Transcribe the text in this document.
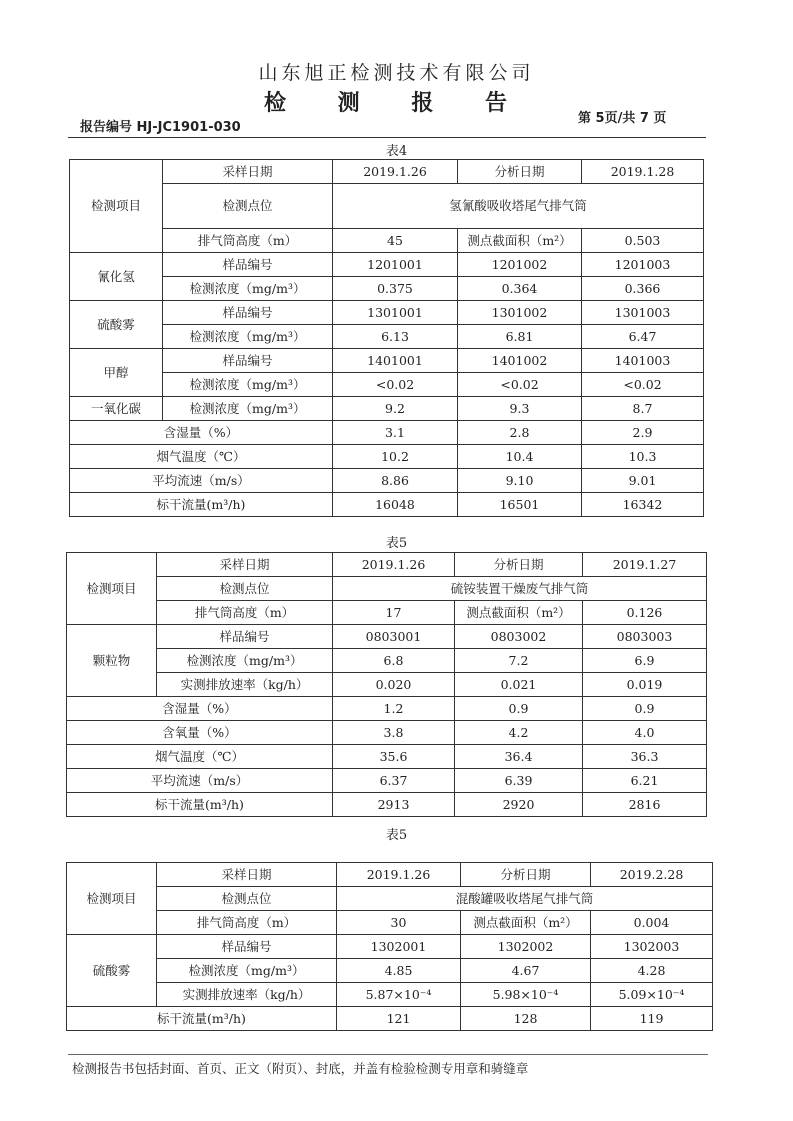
山东旭正检测技术有限公司
检 测 报 告
报告编号 HJ-JC1901-030
第 5页/共 7 页
表4
检测项目	采样日期	2019.1.26	分析日期	2019.1.28
	检测点位	氢氰酸吸收塔尾气排气筒		
	排气筒高度（m）	45	测点截面积（m²）	0.503
氰化氢	样品编号	1201001	1201002	1201003
	检测浓度（mg/m³）	0.375	0.364	0.366
硫酸雾	样品编号	1301001	1301002	1301003
	检测浓度（mg/m³）	6.13	6.81	6.47
甲醇	样品编号	1401001	1401002	1401003
	检测浓度（mg/m³）	<0.02	<0.02	<0.02
一氧化碳	检测浓度（mg/m³）	9.2	9.3	8.7
含湿量（%）		3.1	2.8	2.9
烟气温度（℃）		10.2	10.4	10.3
平均流速（m/s）		8.86	9.10	9.01
标干流量(m³/h)		16048	16501	16342
表5
检测项目	采样日期	2019.1.26	分析日期	2019.1.27
	检测点位	硫铵装置干燥废气排气筒		
	排气筒高度（m）	17	测点截面积（m²）	0.126
颗粒物	样品编号	0803001	0803002	0803003
	检测浓度（mg/m³）	6.8	7.2	6.9
	实测排放速率（kg/h）	0.020	0.021	0.019
含湿量（%）		1.2	0.9	0.9
含氧量（%）		3.8	4.2	4.0
烟气温度（℃）		35.6	36.4	36.3
平均流速（m/s）		6.37	6.39	6.21
标干流量(m³/h)		2913	2920	2816
表5
检测项目	采样日期	2019.1.26	分析日期	2019.2.28
	检测点位	混酸罐吸收塔尾气排气筒		
	排气筒高度（m）	30	测点截面积（m²）	0.004
硫酸雾	样品编号	1302001	1302002	1302003
	检测浓度（mg/m³）	4.85	4.67	4.28
	实测排放速率（kg/h）	5.87×10⁻⁴	5.98×10⁻⁴	5.09×10⁻⁴
标干流量(m³/h)		121	128	119
检测报告书包括封面、首页、正文（附页）、封底，并盖有检验检测专用章和骑缝章
